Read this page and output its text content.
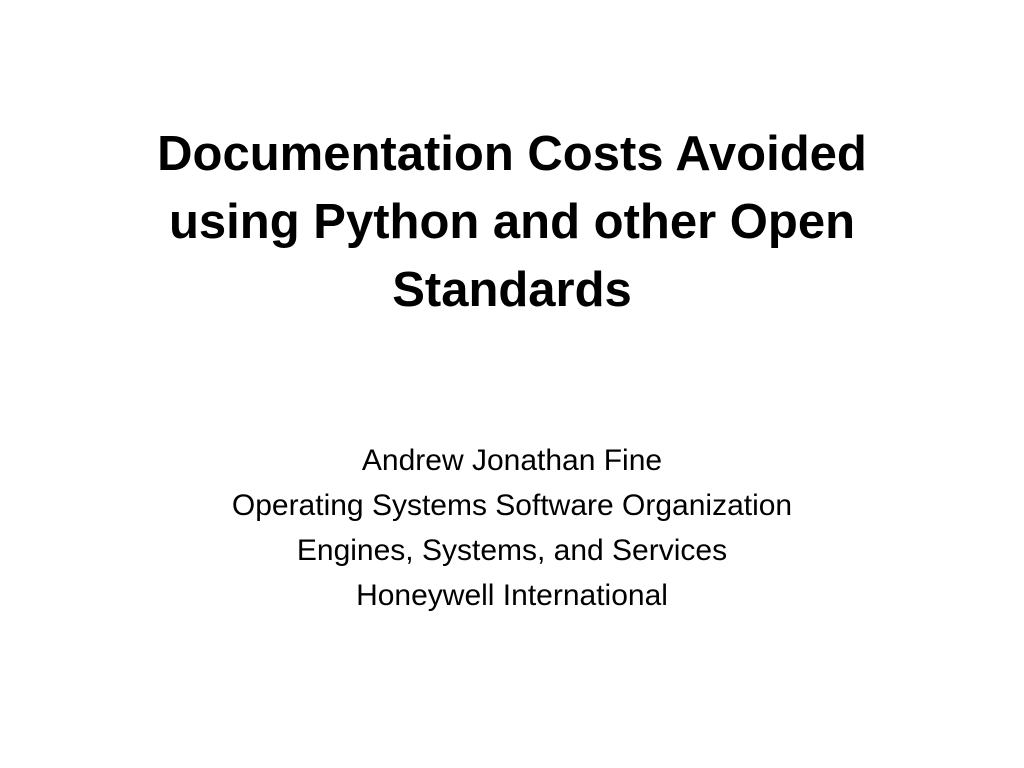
Documentation Costs Avoided
using Python and other Open
Standards
Andrew Jonathan Fine
Operating Systems Software Organization
Engines, Systems, and Services
Honeywell International
